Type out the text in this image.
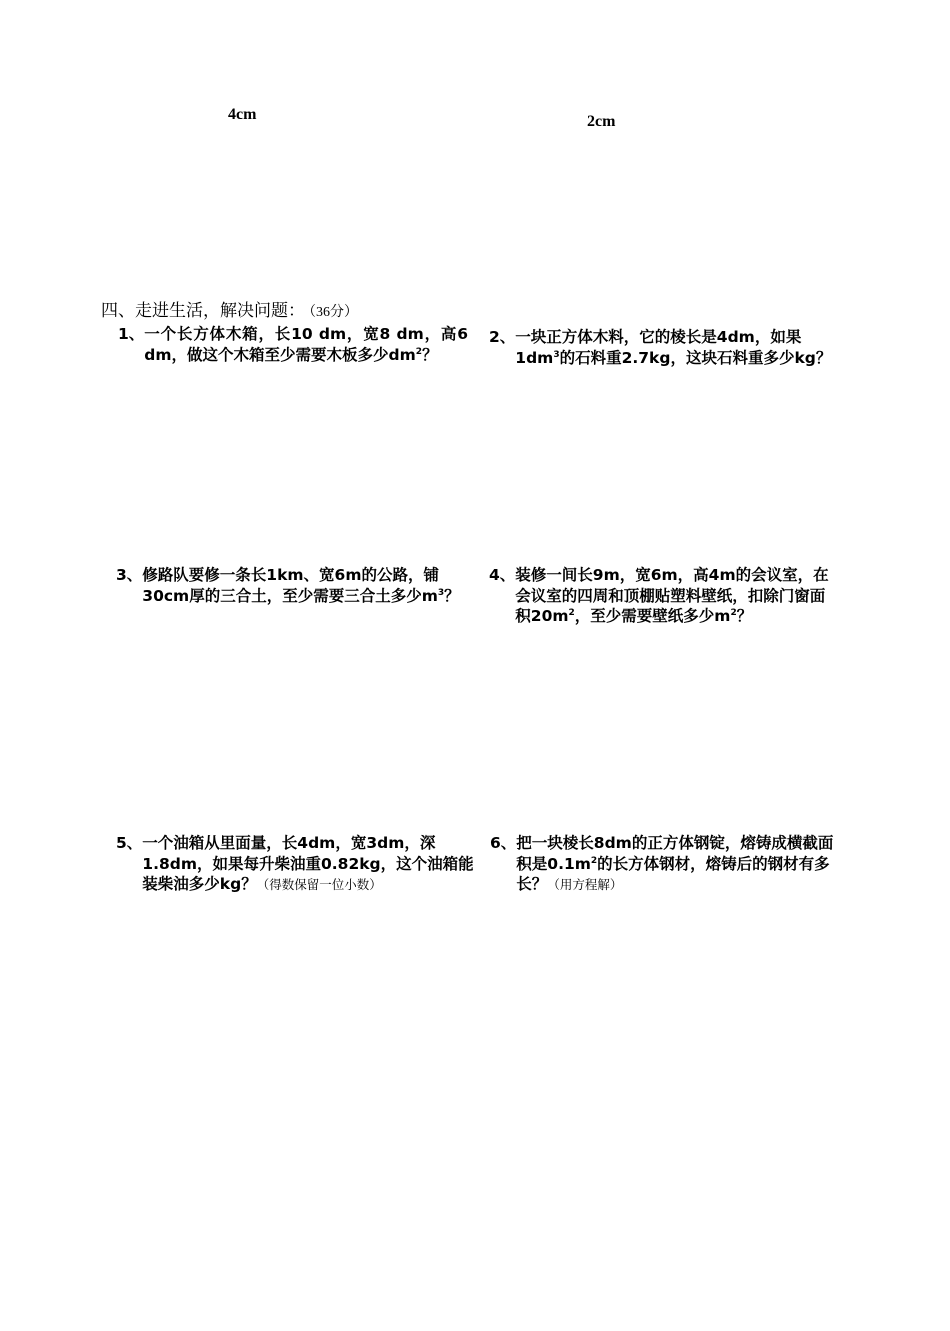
4cm	2cm
四、走进生活，解决问题： （36分）
1、 一个长方体木箱，长10 dm，宽8 dm，高6 dm，做这个木箱至少需要木板多少$dm^2$？
2、 一块正方体木料，它的棱长是4dm，如果$1dm^3$的石料重2.7kg，这块石料重多少kg？
3、 修路队要修一条长1km、宽6m的公路，铺30cm厚的三合土，至少需要三合土多少$m^3$？
4、 装修一间长9m，宽6m，高4m的会议室，在会议室的四周和顶棚贴塑料壁纸，扣除门窗面积$20m^2$，至少需要壁纸多少$m^2$？
5、 一个油箱从里面量，长4dm，宽3dm，深1.8dm，如果每升柴油重0.82kg，这个油箱能装柴油多少kg？（得数保留一位小数）
6、 把一块棱长8dm的正方体钢锭，熔铸成横截面积是$0.1m^2$的长方体钢材，熔铸后的钢材有多长？（用方程解）
